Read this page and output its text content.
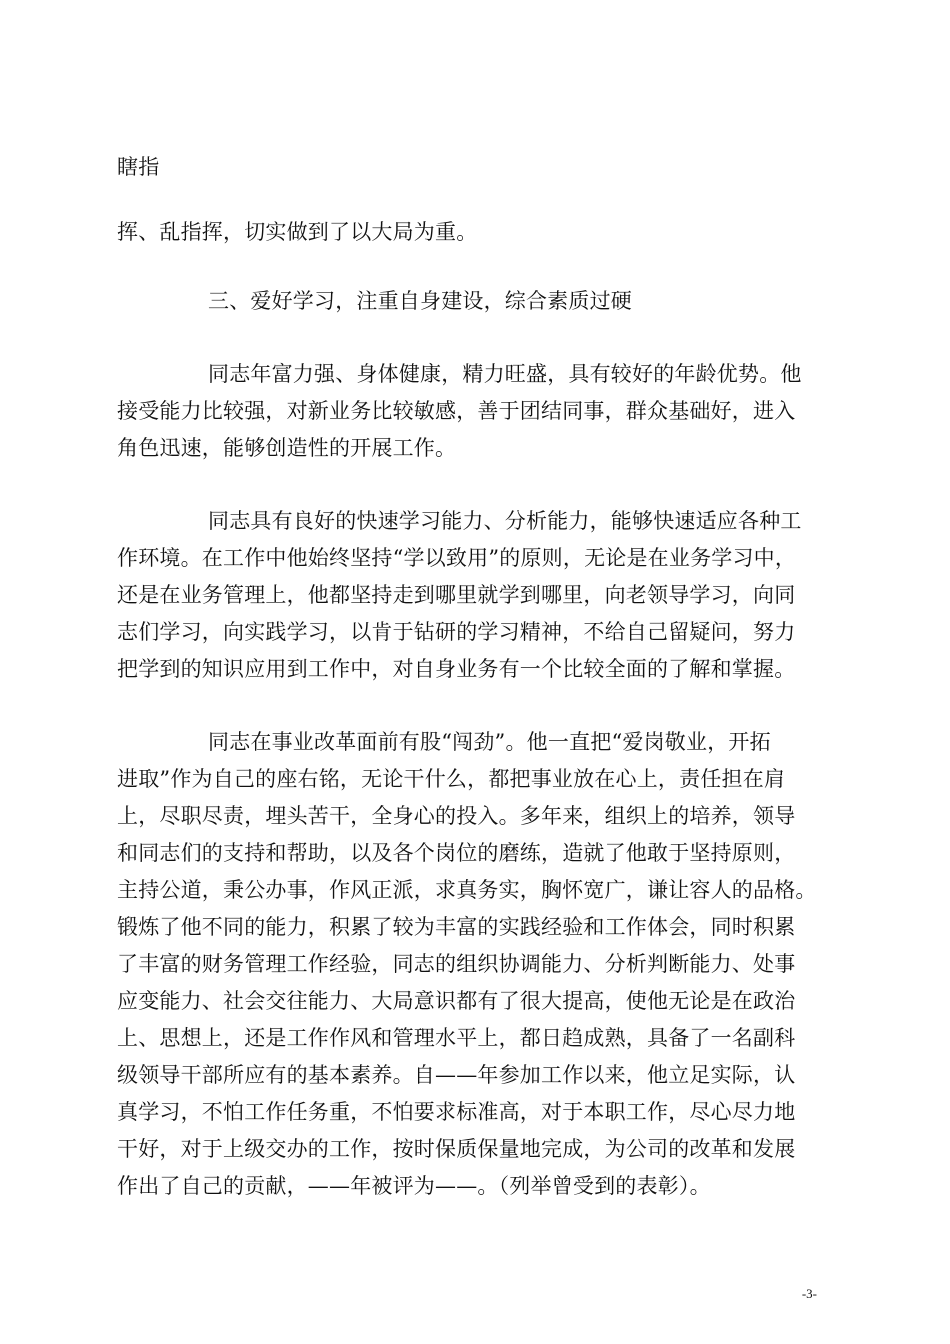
瞎指
挥、乱指挥，切实做到了以大局为重。
三、爱好学习，注重自身建设，综合素质过硬
同志年富力强、身体健康，精力旺盛，具有较好的年龄优势。他
接受能力比较强，对新业务比较敏感，善于团结同事，群众基础好，进入
角色迅速，能够创造性的开展工作。
同志具有良好的快速学习能力、分析能力，能够快速适应各种工
作环境。在工作中他始终坚持“学以致用”的原则，无论是在业务学习中，
还是在业务管理上，他都坚持走到哪里就学到哪里，向老领导学习，向同
志们学习，向实践学习，以肯于钻研的学习精神，不给自己留疑问，努力
把学到的知识应用到工作中，对自身业务有一个比较全面的了解和掌握。
同志在事业改革面前有股“闯劲”。他一直把“爱岗敬业，开拓
进取”作为自己的座右铭，无论干什么，都把事业放在心上，责任担在肩
上，尽职尽责，埋头苦干，全身心的投入。多年来，组织上的培养，领导
和同志们的支持和帮助，以及各个岗位的磨练，造就了他敢于坚持原则，
主持公道，秉公办事，作风正派，求真务实，胸怀宽广，谦让容人的品格。
锻炼了他不同的能力，积累了较为丰富的实践经验和工作体会，同时积累
了丰富的财务管理工作经验，同志的组织协调能力、分析判断能力、处事
应变能力、社会交往能力、大局意识都有了很大提高，使他无论是在政治
上、思想上，还是工作作风和管理水平上，都日趋成熟，具备了一名副科
级领导干部所应有的基本素养。自——年参加工作以来，他立足实际，认
真学习，不怕工作任务重，不怕要求标准高，对于本职工作，尽心尽力地
干好，对于上级交办的工作，按时保质保量地完成，为公司的改革和发展
作出了自己的贡献，——年被评为——。（列举曾受到的表彰）。
-3-
